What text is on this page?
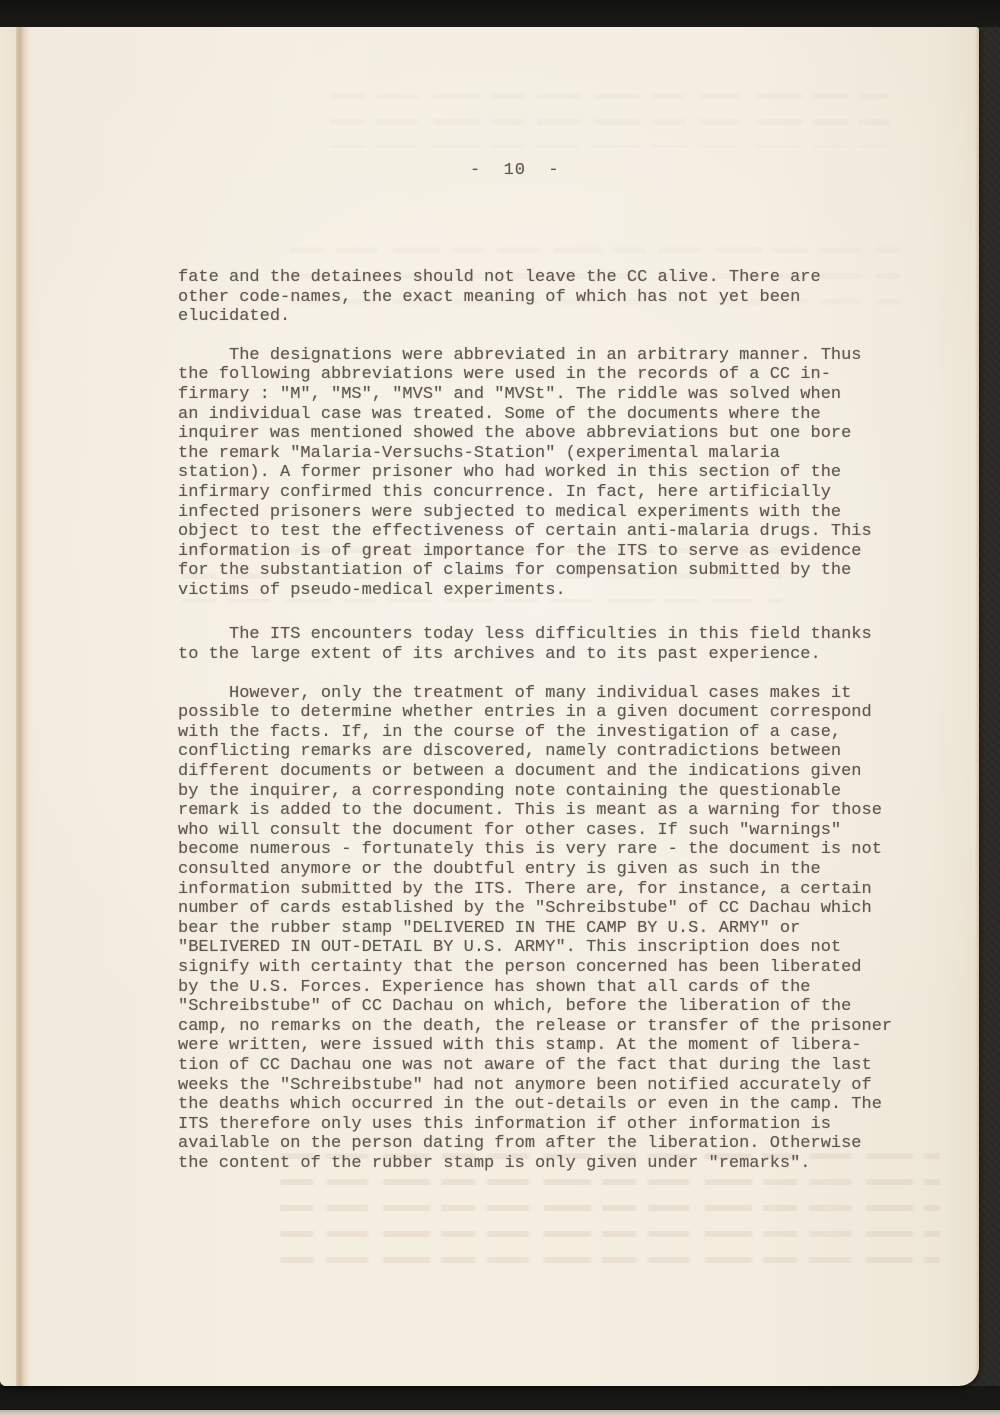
-  10  -

fate and the detainees should not leave the CC alive. There are
other code-names, the exact meaning of which has not yet been
elucidated.
The designations were abbreviated in an arbitrary manner. Thus
the following abbreviations were used in the records of a CC in-
firmary : "M", "MS", "MVS" and "MVSt". The riddle was solved when
an individual case was treated. Some of the documents where the
inquirer was mentioned showed the above abbreviations but one bore
the remark "Malaria-Versuchs-Station" (experimental malaria
station). A former prisoner who had worked in this section of the
infirmary confirmed this concurrence. In fact, here artificially
infected prisoners were subjected to medical experiments with the
object to test the effectiveness of certain anti-malaria drugs. This
information is of great importance for the ITS to serve as evidence
for the substantiation of claims for compensation submitted by the
victims of pseudo-medical experiments.
The ITS encounters today less difficulties in this field thanks
to the large extent of its archives and to its past experience.
However, only the treatment of many individual cases makes it
possible to determine whether entries in a given document correspond
with the facts. If, in the course of the investigation of a case,
conflicting remarks are discovered, namely contradictions between
different documents or between a document and the indications given
by the inquirer, a corresponding note containing the questionable
remark is added to the document. This is meant as a warning for those
who will consult the document for other cases. If such "warnings"
become numerous - fortunately this is very rare - the document is not
consulted anymore or the doubtful entry is given as such in the
information submitted by the ITS. There are, for instance, a certain
number of cards established by the "Schreibstube" of CC Dachau which
bear the rubber stamp "DELIVERED IN THE CAMP BY U.S. ARMY" or
"BELIVERED IN OUT-DETAIL BY U.S. ARMY". This inscription does not
signify with certainty that the person concerned has been liberated
by the U.S. Forces. Experience has shown that all cards of the
"Schreibstube" of CC Dachau on which, before the liberation of the
camp, no remarks on the death, the release or transfer of the prisoner
were written, were issued with this stamp. At the moment of libera-
tion of CC Dachau one was not aware of the fact that during the last
weeks the "Schreibstube" had not anymore been notified accurately of
the deaths which occurred in the out-details or even in the camp. The
ITS therefore only uses this information if other information is
available on the person dating from after the liberation. Otherwise
the content of the rubber stamp is only given under "remarks".
